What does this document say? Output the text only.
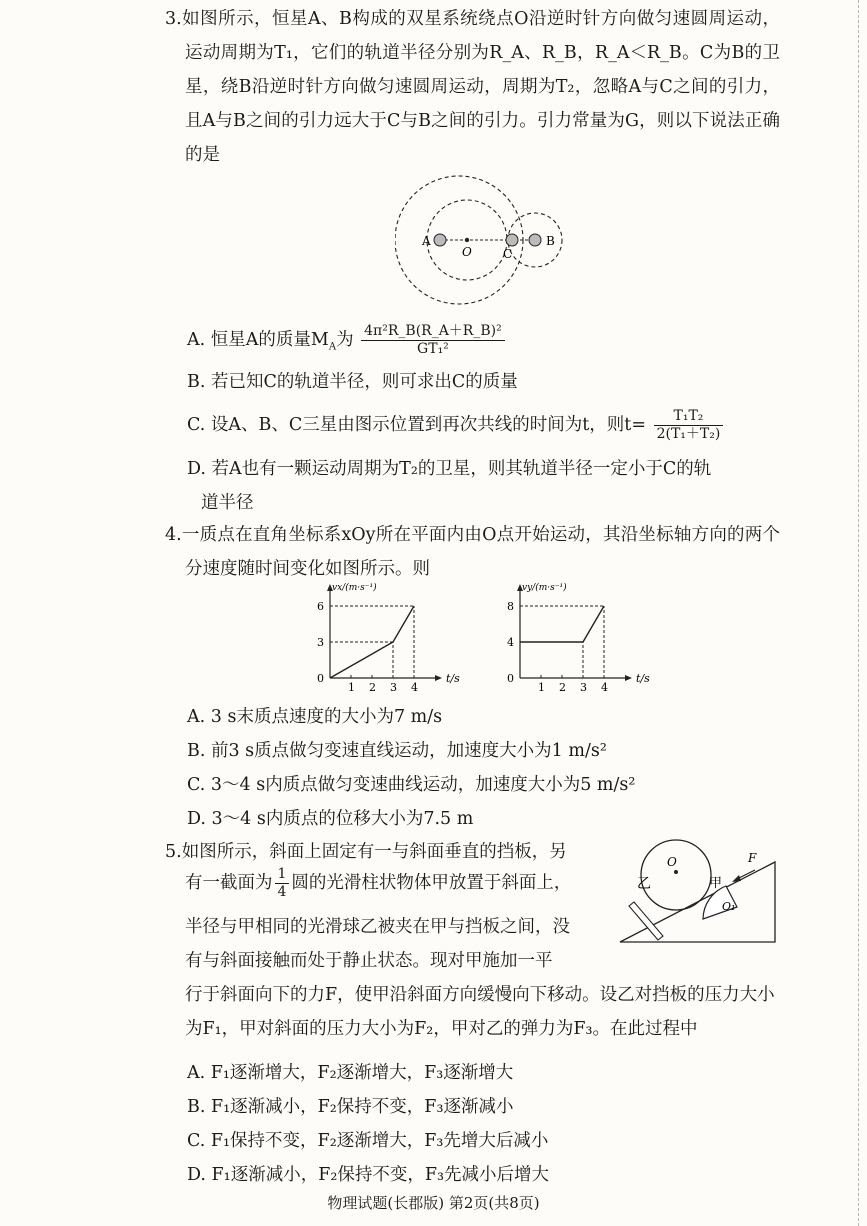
3.如图所示，恒星A、B构成的双星系统绕点O沿逆时针方向做匀速圆周运动，运动周期为T₁，它们的轨道半径分别为R_A、R_B，R_A＜R_B。C为B的卫星，绕B沿逆时针方向做匀速圆周运动，周期为T₂，忽略A与C之间的引力，且A与B之间的引力远大于C与B之间的引力。引力常量为G，则以下说法正确的是

A
O	C
B
A. 恒星A的质量$M_A$为 $\frac{\text{4π²R\_B(R\_A＋R\_B)²}}{\text{GT₁²}}$
B. 若已知C的轨道半径，则可求出C的质量
C. 设A、B、C三星由图示位置到再次共线的时间为t，则$t= \frac{\text{T₁T₂}}{\text{2(T₁＋T₂)}}$
D. 若A也有一颗运动周期为T₂的卫星，则其轨道半径一定小于C的轨
道半径

4.一质点在直角坐标系xOy所在平面内由O点开始运动，其沿坐标轴方向的两个分速度随时间变化如图所示。则

vx/(m·s⁻¹)
t/s
0
1 2 3 4
3
6
vy/(m·s⁻¹)
t/s
0
1 2 3 4
4
8
A. 3 s末质点速度的大小为7 m/s
B. 前3 s质点做匀变速直线运动，加速度大小为1 m/s²
C. 3～4 s内质点做匀变速曲线运动，加速度大小为5 m/s²
D. 3～4 s内质点的位移大小为7.5 m
5.如图所示，斜面上固定有一与斜面垂直的挡板，另
有一截面为 $\frac{1}{4}$ 圆的光滑柱状物体甲放置于斜面上，
半径与甲相同的光滑球乙被夹在甲与挡板之间，没
有与斜面接触而处于静止状态。现对甲施加一平
行于斜面向下的力F，使甲沿斜面方向缓慢向下移动。设乙对挡板的压力大小为F₁，甲对斜面的压力大小为F₂，甲对乙的弹力为F₃。在此过程中
乙
O
甲
F
O₁
A. F₁逐渐增大，F₂逐渐增大，F₃逐渐增大
B. F₁逐渐减小，F₂保持不变，F₃逐渐减小
C. F₁保持不变，F₂逐渐增大，F₃先增大后减小
D. F₁逐渐减小，F₂保持不变，F₃先减小后增大
物理试题(长郡版) 第2页(共8页)
